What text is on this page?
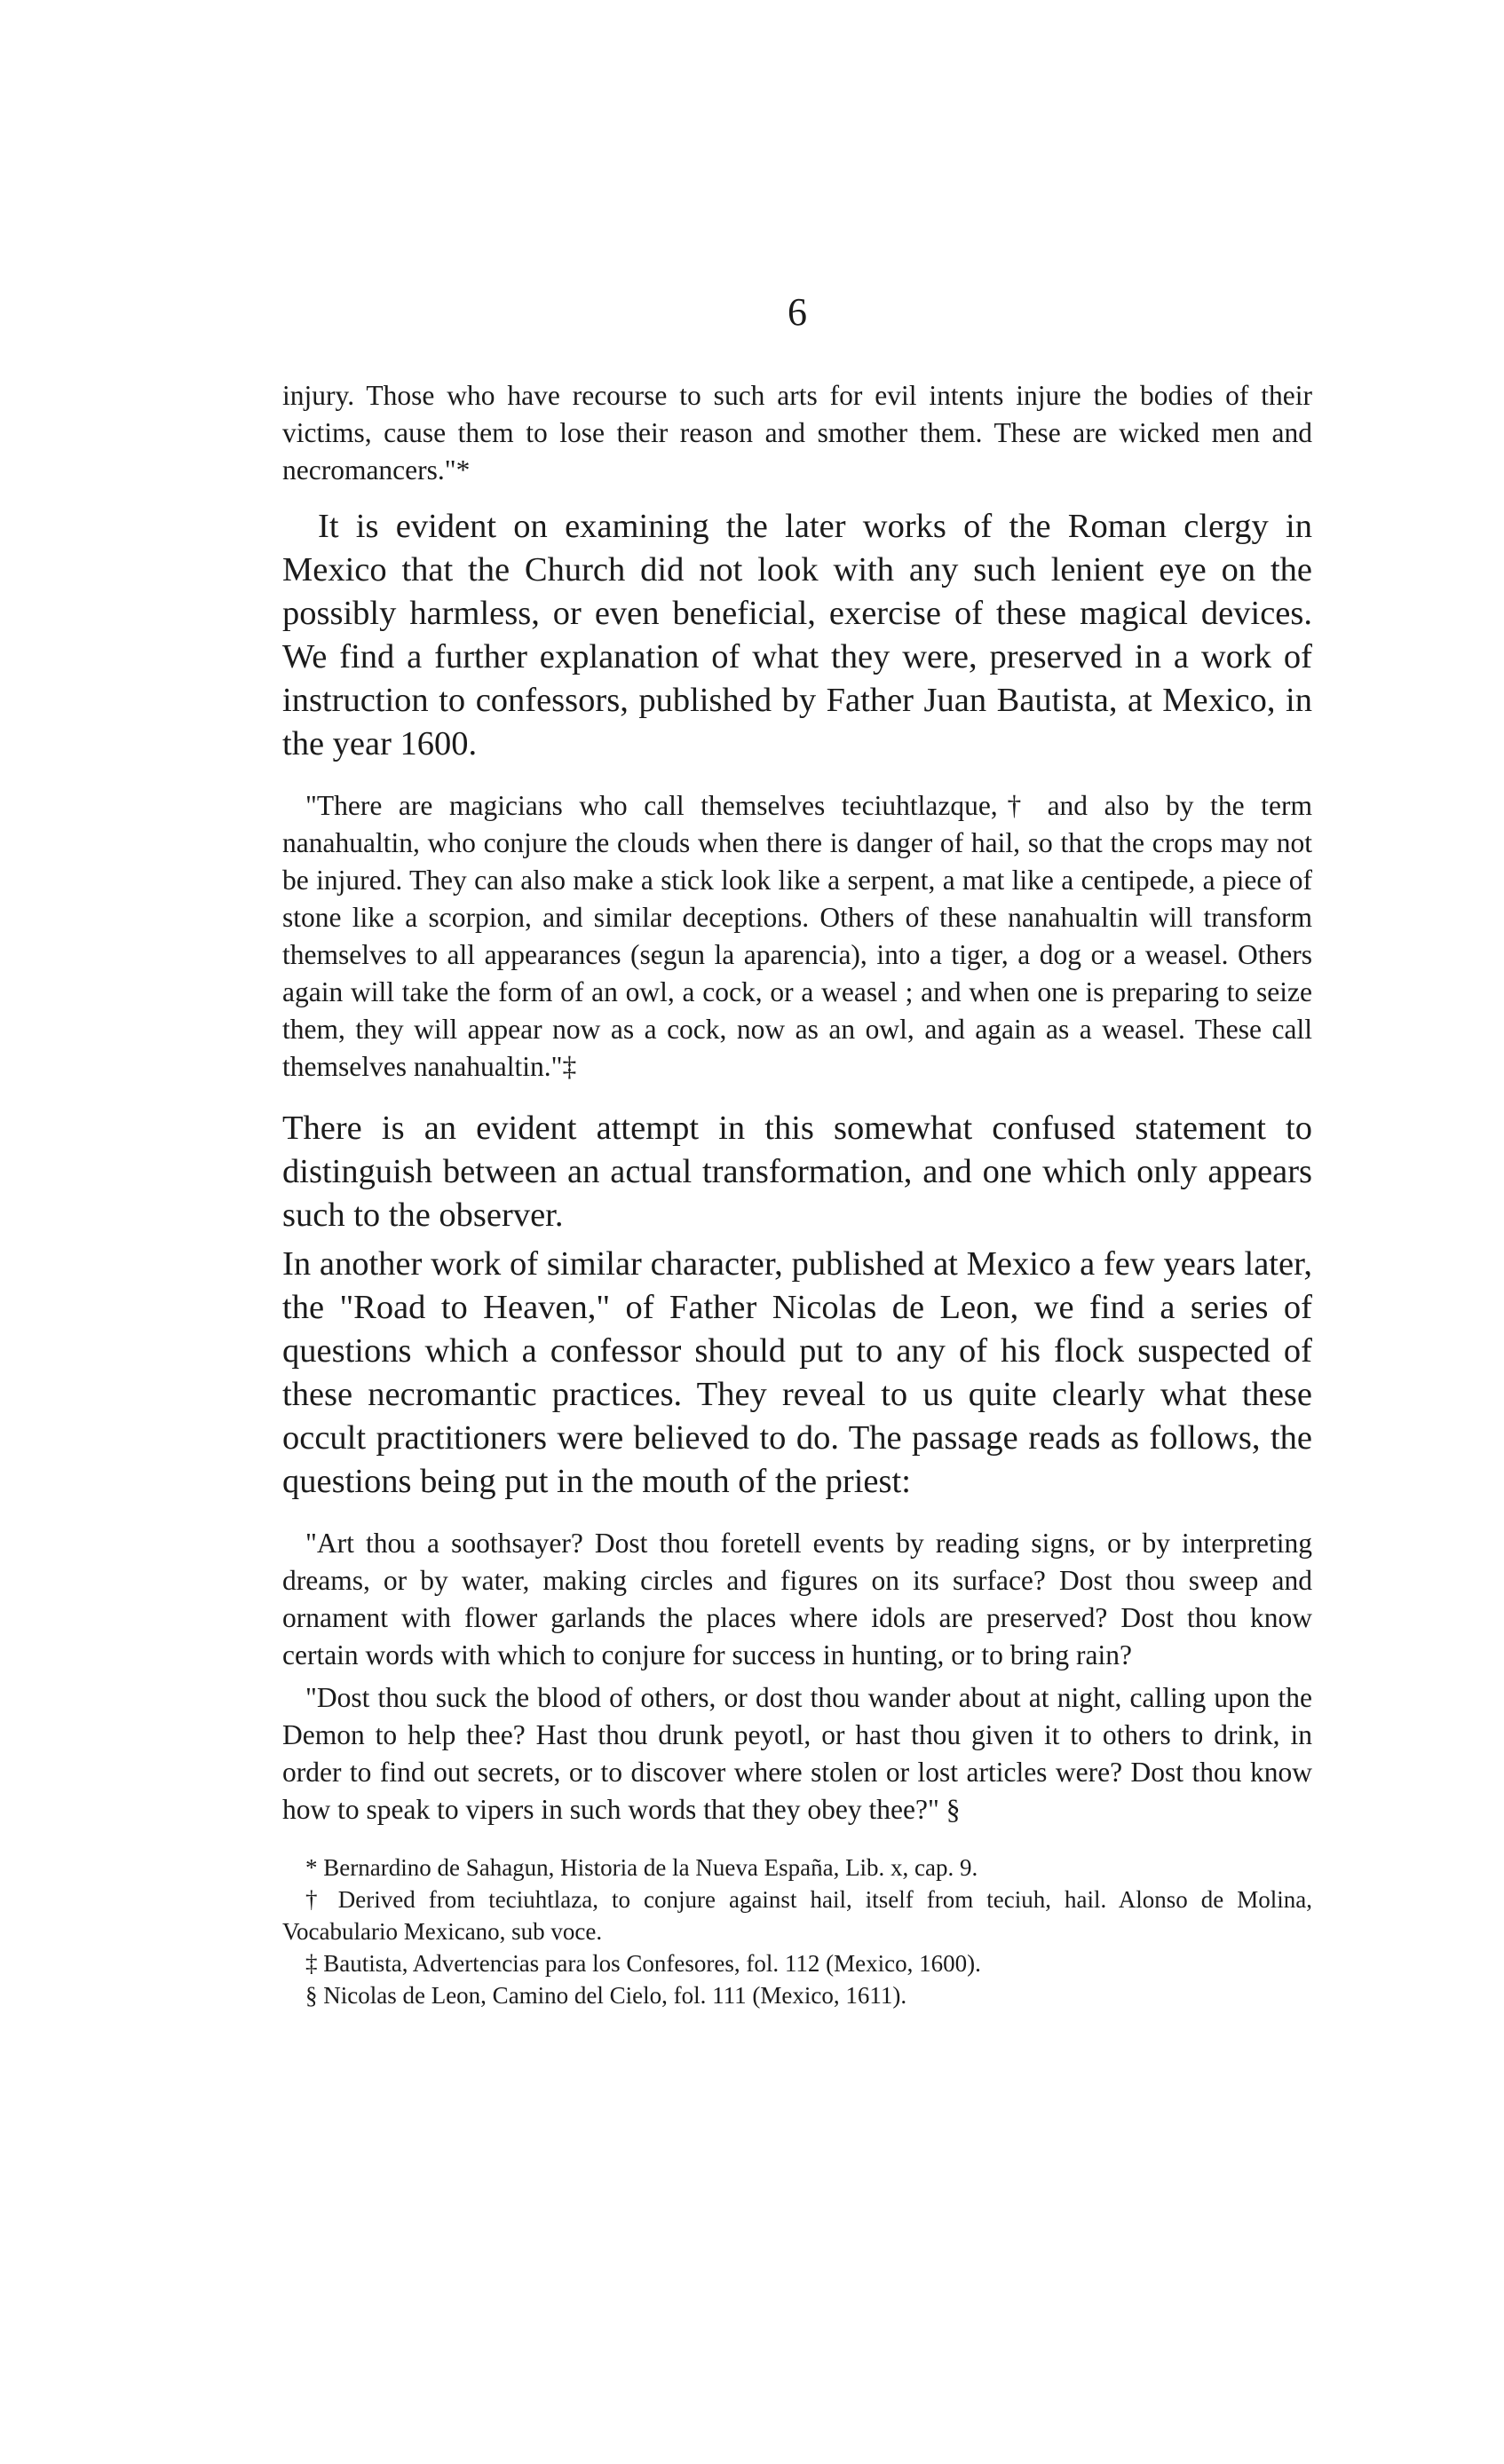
6

injury. Those who have recourse to such arts for evil intents injure the bodies of their victims, cause them to lose their reason and smother them. These are wicked men and necromancers."*

It is evident on examining the later works of the Roman clergy in Mexico that the Church did not look with any such lenient eye on the possibly harmless, or even beneficial, exercise of these magical devices. We find a further explanation of what they were, preserved in a work of instruction to confessors, published by Father Juan Bautista, at Mexico, in the year 1600.

"There are magicians who call themselves teciuhtlazque,† and also by the term nanahualtin, who conjure the clouds when there is danger of hail, so that the crops may not be injured. They can also make a stick look like a serpent, a mat like a centipede, a piece of stone like a scorpion, and similar deceptions. Others of these nanahualtin will transform themselves to all appearances (segun la aparencia), into a tiger, a dog or a weasel. Others again will take the form of an owl, a cock, or a weasel ; and when one is preparing to seize them, they will appear now as a cock, now as an owl, and again as a weasel. These call themselves nanahualtin."‡

There is an evident attempt in this somewhat confused statement to distinguish between an actual transformation, and one which only appears such to the observer.

In another work of similar character, published at Mexico a few years later, the "Road to Heaven," of Father Nicolas de Leon, we find a series of questions which a confessor should put to any of his flock suspected of these necromantic practices. They reveal to us quite clearly what these occult practitioners were believed to do. The passage reads as follows, the questions being put in the mouth of the priest:

"Art thou a soothsayer? Dost thou foretell events by reading signs, or by interpreting dreams, or by water, making circles and figures on its surface? Dost thou sweep and ornament with flower garlands the places where idols are preserved? Dost thou know certain words with which to conjure for success in hunting, or to bring rain?

"Dost thou suck the blood of others, or dost thou wander about at night, calling upon the Demon to help thee? Hast thou drunk peyotl, or hast thou given it to others to drink, in order to find out secrets, or to discover where stolen or lost articles were? Dost thou know how to speak to vipers in such words that they obey thee?" §

* Bernardino de Sahagun, Historia de la Nueva España, Lib. x, cap. 9.

† Derived from teciuhtlaza, to conjure against hail, itself from teciuh, hail. Alonso de Molina, Vocabulario Mexicano, sub voce.

‡ Bautista, Advertencias para los Confesores, fol. 112 (Mexico, 1600).

§ Nicolas de Leon, Camino del Cielo, fol. 111 (Mexico, 1611).
